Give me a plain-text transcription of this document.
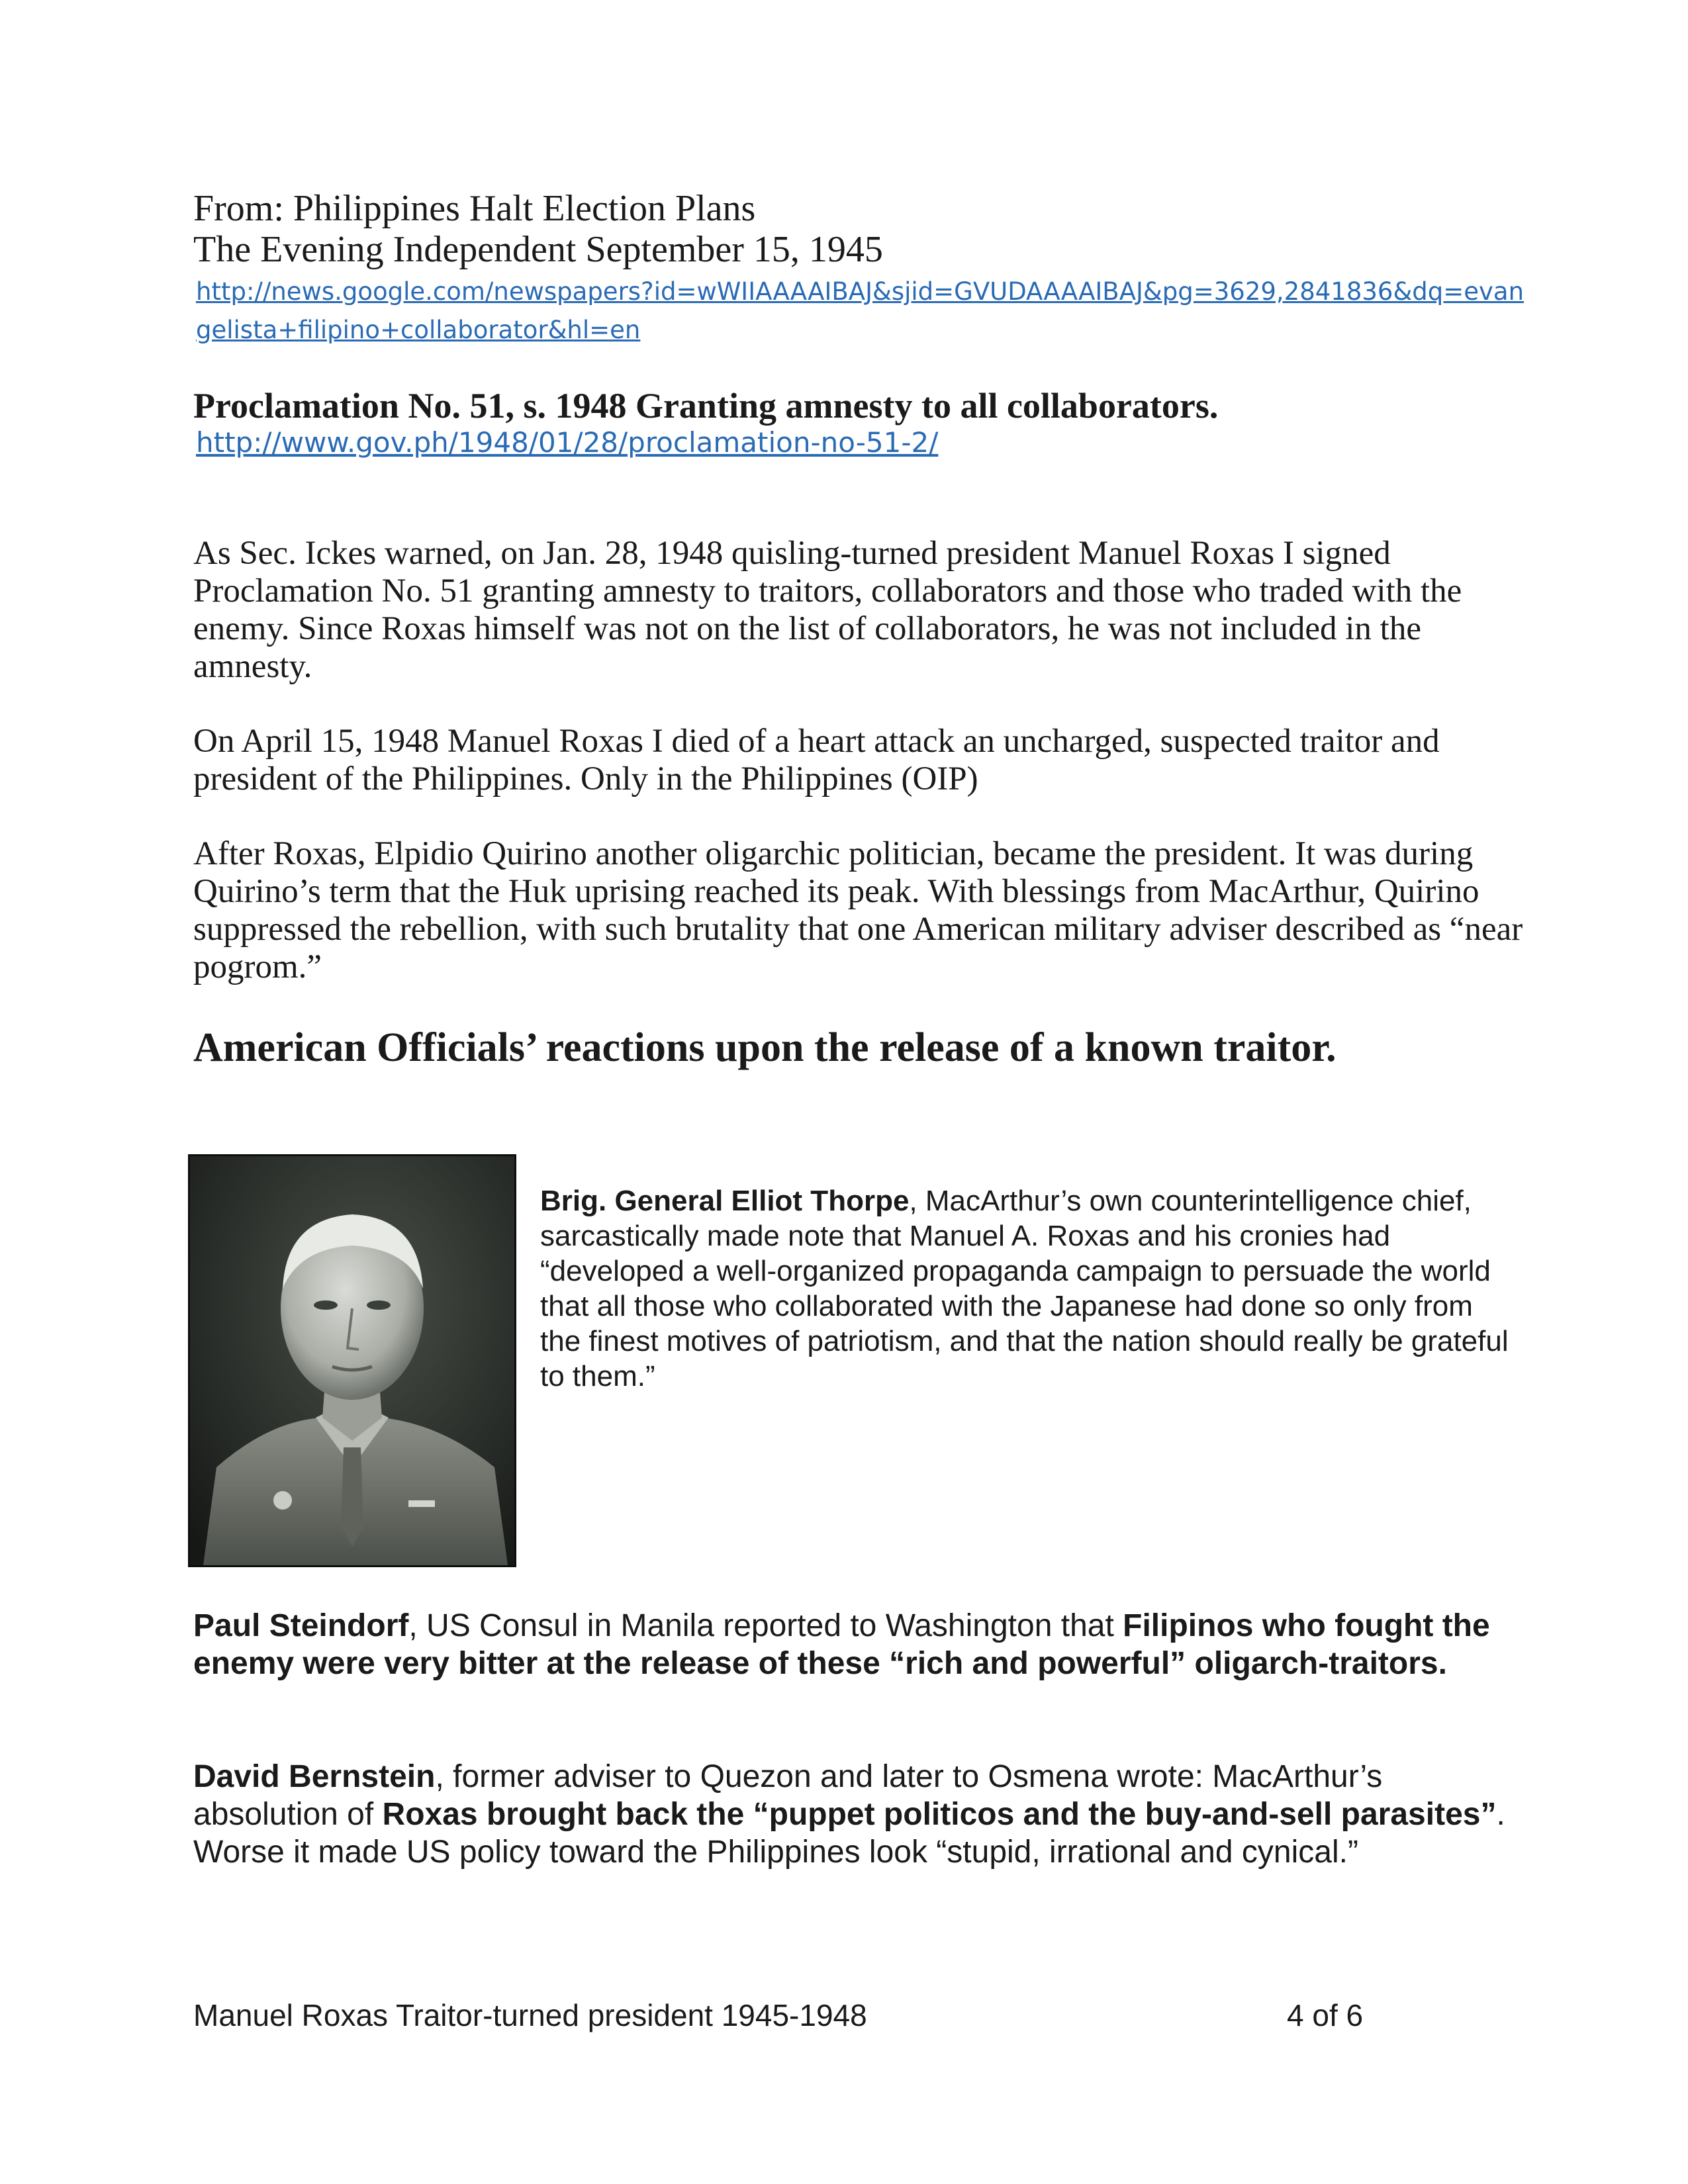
From: Philippines Halt Election Plans
The Evening Independent September 15, 1945
http://news.google.com/newspapers?id=wWIIAAAAIBAJ&sjid=GVUDAAAAIBAJ&pg=3629,2841836&dq=evangelista+filipino+collaborator&hl=en
Proclamation No. 51, s. 1948 Granting amnesty to all collaborators.
http://www.gov.ph/1948/01/28/proclamation-no-51-2/
As Sec. Ickes warned, on Jan. 28, 1948 quisling-turned president Manuel Roxas I signed Proclamation No. 51 granting amnesty to traitors, collaborators and those who traded with the enemy. Since Roxas himself was not on the list of collaborators, he was not included in the amnesty.
On April 15, 1948 Manuel Roxas I died of a heart attack an uncharged, suspected traitor and president of the Philippines. Only in the Philippines (OIP)
After Roxas, Elpidio Quirino another oligarchic politician, became the president. It was during Quirino’s term that the Huk uprising reached its peak. With blessings from MacArthur, Quirino suppressed the rebellion, with such brutality that one American military adviser described as “near pogrom.”
American Officials’ reactions upon the release of a known traitor.
Brig. General Elliot Thorpe, MacArthur’s own counterintelligence chief, sarcastically made note that Manuel A. Roxas and his cronies had “developed a well-organized propaganda campaign to persuade the world that all those who collaborated with the Japanese had done so only from the finest motives of patriotism, and that the nation should really be grateful to them.”
Paul Steindorf, US Consul in Manila reported to Washington that Filipinos who fought the enemy were very bitter at the release of these “rich and powerful” oligarch-traitors.
David Bernstein, former adviser to Quezon and later to Osmena wrote: MacArthur’s absolution of Roxas brought back the “puppet politicos and the buy-and-sell parasites”. Worse it made US policy toward the Philippines look “stupid, irrational and cynical.”
Manuel Roxas Traitor-turned president 1945-1948	4 of 6
